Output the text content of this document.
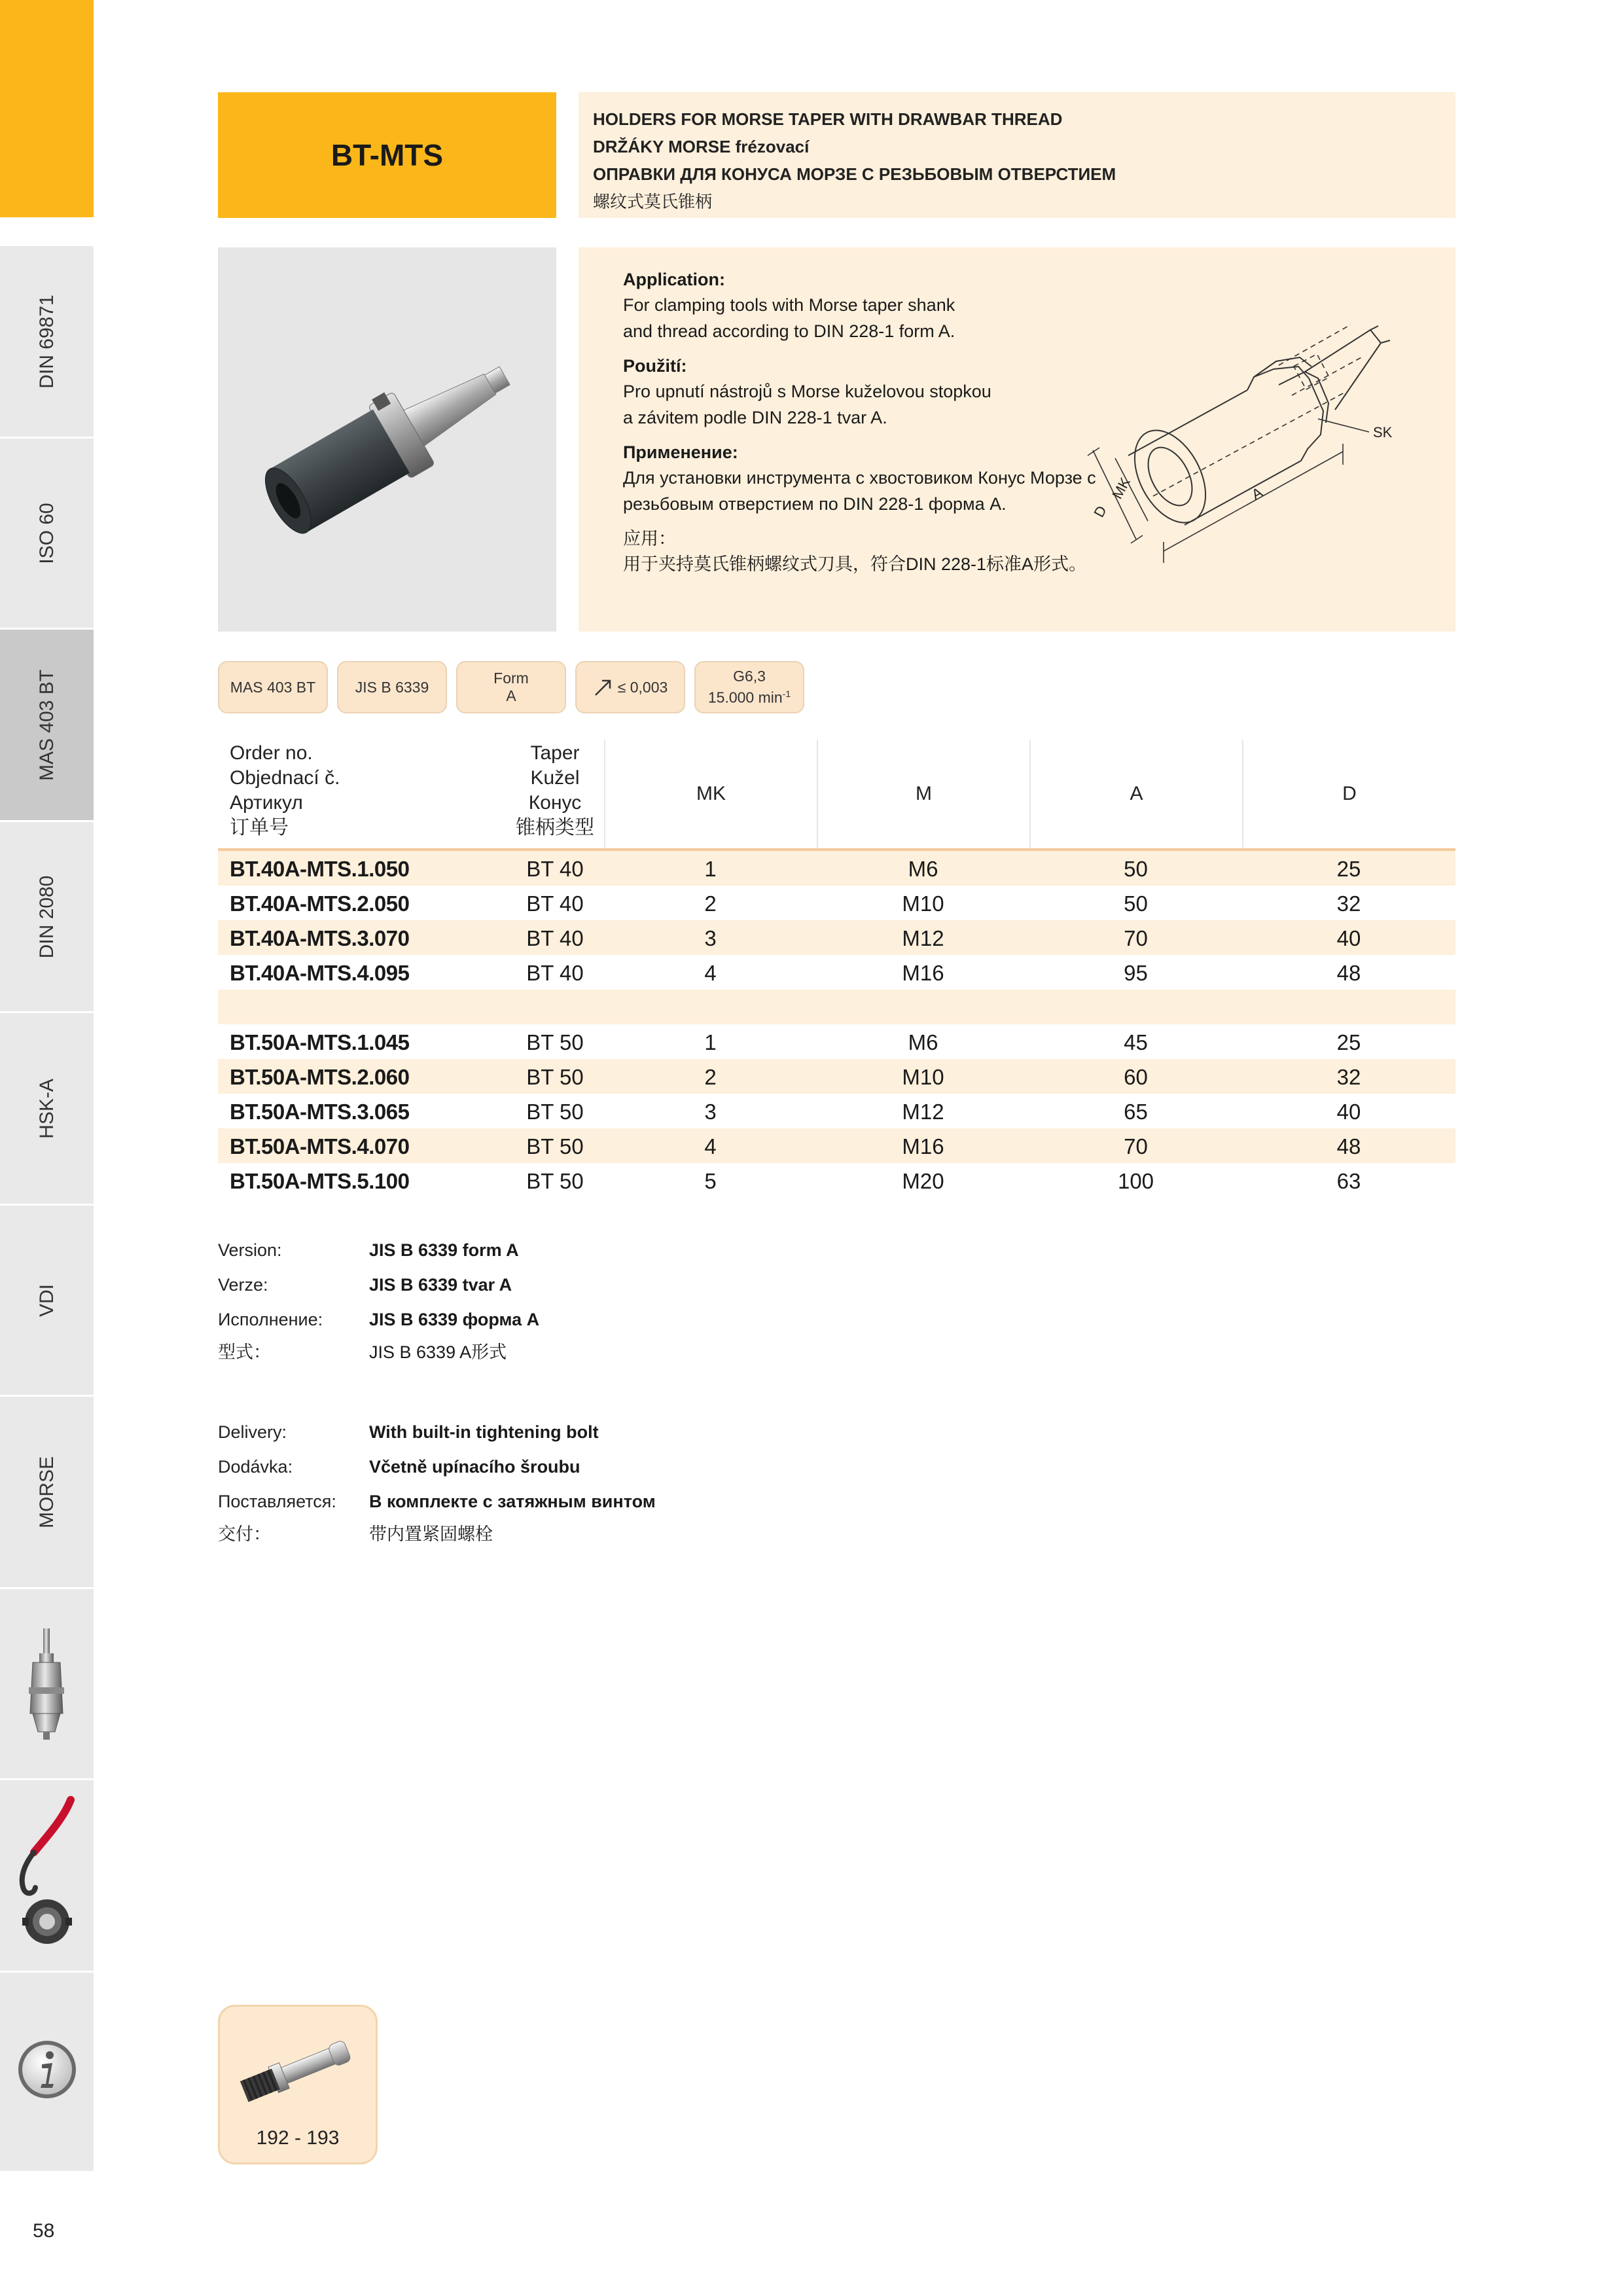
DIN 69871
ISO 60
MAS 403 BT
DIN 2080
HSK-A
VDI
MORSE
58
BT-MTS
HOLDERS FOR MORSE TAPER WITH DRAWBAR THREAD
DRŽÁKY MORSE frézovací
ОПРАВКИ ДЛЯ КОНУСА МОРЗЕ С РЕЗЬБОВЫМ ОТВЕРСТИЕМ
螺纹式莫氏锥柄
Application:
For clamping tools with Morse taper shank
and thread according to DIN 228-1 form A.
Použití:
Pro upnutí nástrojů s Morse kuželovou stopkou
a závitem podle DIN 228-1 tvar A.
Применение:
Для установки инструмента с хвостовиком Конус Морзе с
резьбовым отверстием по DIN 228-1 форма A.
应用：
用于夹持莫氏锥柄螺纹式刀具，符合DIN 228-1标准A形式。
SK
D
MK	A
MAS 403 BT	JIS B 6339
Form
A
≤ 0,003
G6,3
15.000 $\min^{-1}$
Order no.
Objednací č.
Артикул
订单号
Taper
Kužel
Конус
锥柄类型
MK	M	A	D
BT.40A-MTS.1.050	BT 40	1	M6	50	25
BT.40A-MTS.2.050	BT 40	2	M10	50	32
BT.40A-MTS.3.070	BT 40	3	M12	70	40
BT.40A-MTS.4.095	BT 40	4	M16	95	48
BT.50A-MTS.1.045	BT 50	1	M6	45	25
BT.50A-MTS.2.060	BT 50	2	M10	60	32
BT.50A-MTS.3.065	BT 50	3	M12	65	40
BT.50A-MTS.4.070	BT 50	4	M16	70	48
BT.50A-MTS.5.100	BT 50	5	M20	100	63
Version:	JIS B 6339 form A
Verze:	JIS B 6339 tvar A
Исполнение:	JIS B 6339 форма A
型式：	JIS B 6339 A形式
Delivery:	With built-in tightening bolt
Dodávka:	Včetně upínacího šroubu
Поставляется: В комплекте с затяжным винтом
交付：	带内置紧固螺栓
192 - 193
